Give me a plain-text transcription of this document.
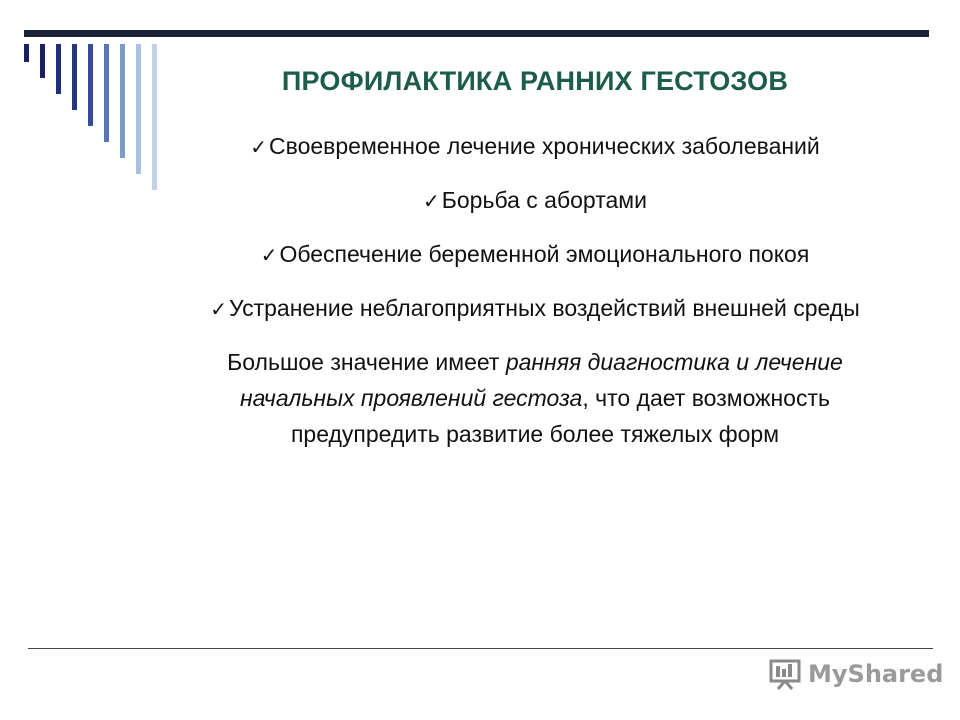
ПРОФИЛАКТИКА РАННИХ ГЕСТОЗОВ
✓Своевременное лечение хронических заболеваний
✓Борьба с абортами
✓Обеспечение беременной эмоционального покоя
✓Устранение неблагоприятных воздействий внешней среды
Большое значение имеет ранняя диагностика и лечение начальных проявлений гестоза, что дает возможность предупредить развитие более тяжелых форм
MyShared
